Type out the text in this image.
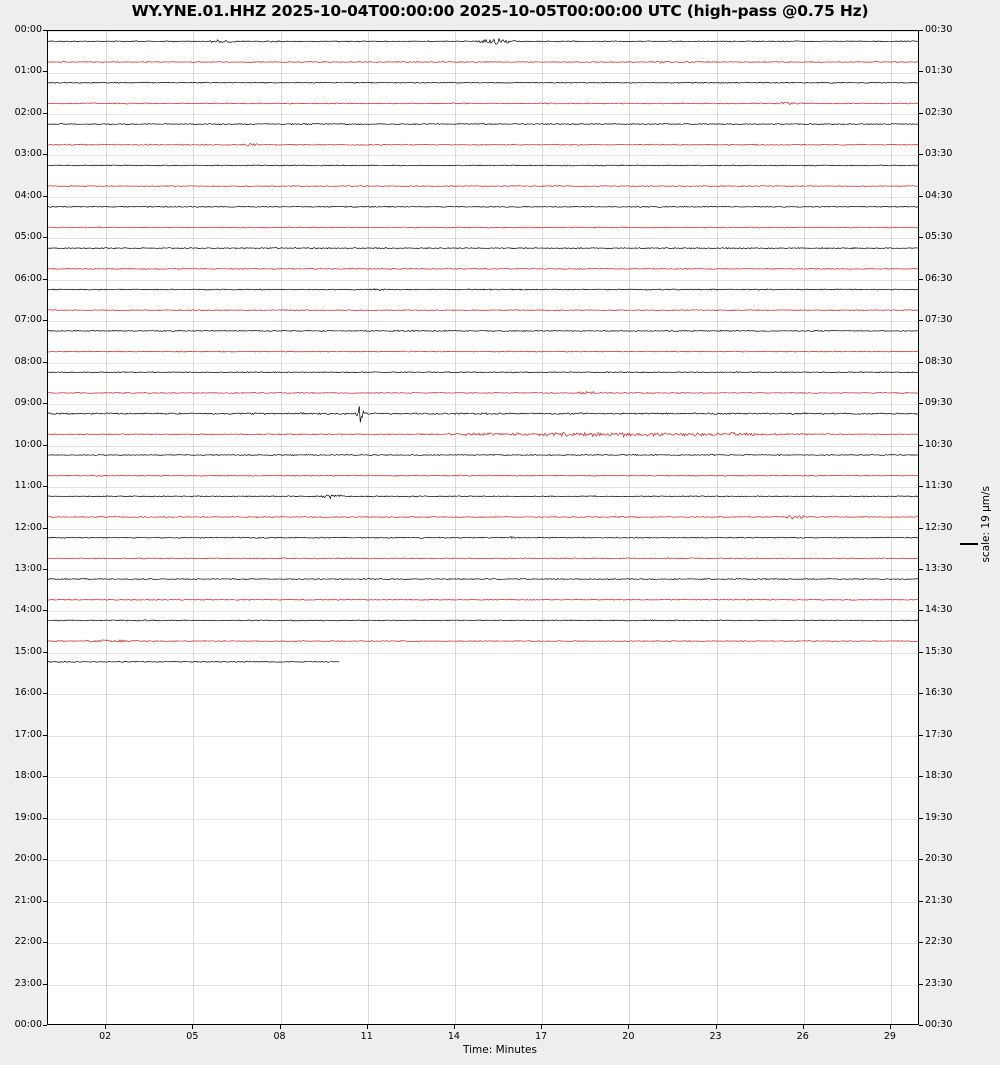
WY.YNE.01.HHZ 2025-10-04T00:00:00 2025-10-05T00:00:00 UTC (high-pass @0.75 Hz)
00:00
01:00
02:00
03:00
04:00
05:00
06:00
07:00
08:00
09:00
10:00
11:00
12:00
13:00
14:00
15:00
16:00
17:00
18:00
19:00
20:00
21:00
22:00
23:00
00:00
00:30
01:30
02:30
03:30
04:30
05:30
06:30
07:30
08:30
09:30
10:30
11:30
12:30
13:30
14:30
15:30
16:30
17:30
18:30
19:30
20:30
21:30
22:30
23:30
00:30
02	05	08	11	14	17	20	23	26	29
Time: Minutes
scale: 19 µm/s
